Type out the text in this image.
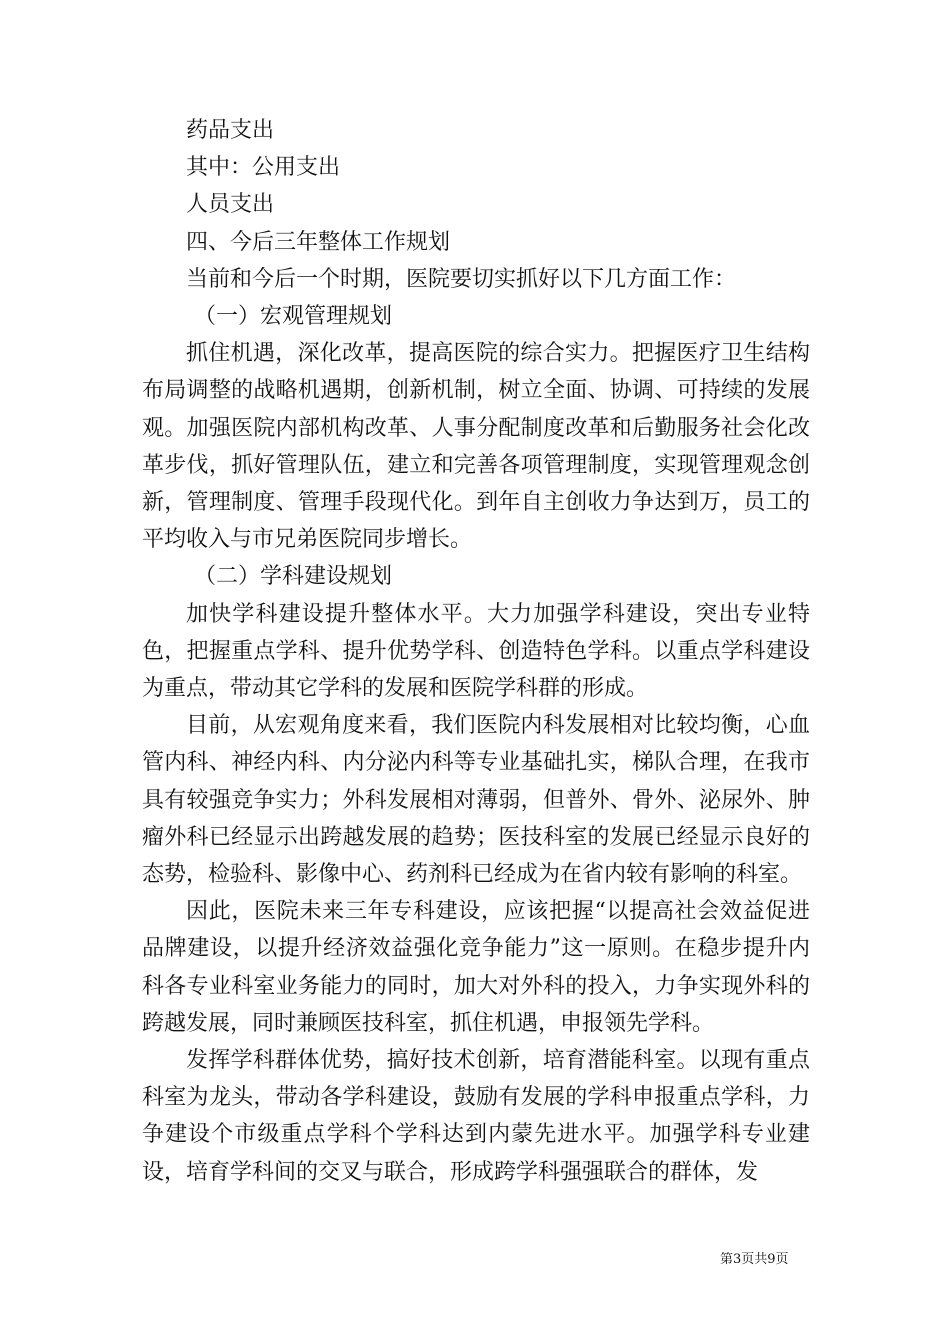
药品支出

其中：公用支出

人员支出

四、今后三年整体工作规划

当前和今后一个时期，医院要切实抓好以下几方面工作：

（一）宏观管理规划

抓住机遇，深化改革，提高医院的综合实力。把握医疗卫生结构布局调整的战略机遇期，创新机制，树立全面、协调、可持续的发展观。加强医院内部机构改革、人事分配制度改革和后勤服务社会化改革步伐，抓好管理队伍，建立和完善各项管理制度，实现管理观念创新，管理制度、管理手段现代化。到年自主创收力争达到万，员工的平均收入与市兄弟医院同步增长。

（二）学科建设规划

加快学科建设提升整体水平。大力加强学科建设，突出专业特色，把握重点学科、提升优势学科、创造特色学科。以重点学科建设为重点，带动其它学科的发展和医院学科群的形成。

目前，从宏观角度来看，我们医院内科发展相对比较均衡，心血管内科、神经内科、内分泌内科等专业基础扎实，梯队合理，在我市具有较强竞争实力；外科发展相对薄弱，但普外、骨外、泌尿外、肿瘤外科已经显示出跨越发展的趋势；医技科室的发展已经显示良好的态势，检验科、影像中心、药剂科已经成为在省内较有影响的科室。

因此，医院未来三年专科建设，应该把握“以提高社会效益促进品牌建设，以提升经济效益强化竞争能力”这一原则。在稳步提升内科各专业科室业务能力的同时，加大对外科的投入，力争实现外科的跨越发展，同时兼顾医技科室，抓住机遇，申报领先学科。

发挥学科群体优势，搞好技术创新，培育潜能科室。以现有重点科室为龙头，带动各学科建设，鼓励有发展的学科申报重点学科，力争建设个市级重点学科个学科达到内蒙先进水平。加强学科专业建设，培育学科间的交叉与联合，形成跨学科强强联合的群体，发

第3页共9页
